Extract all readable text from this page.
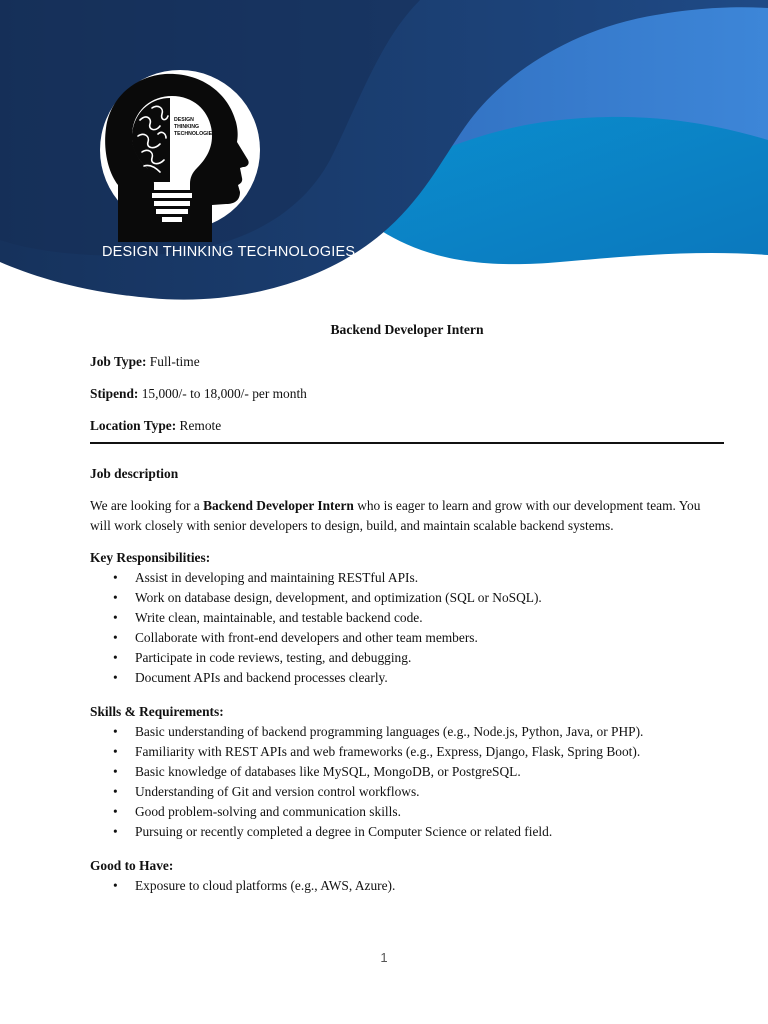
DESIGN
THINKING
TECHNOLOGIES

DESIGN THINKING TECHNOLOGIES

Backend Developer Intern

Job Type: Full-time

Stipend: 15,000/- to 18,000/- per month

Location Type: Remote

Job description

We are looking for a Backend Developer Intern who is eager to learn and grow with our development team. You will work closely with senior developers to design, build, and maintain scalable backend systems.

Key Responsibilities:

• Assist in developing and maintaining RESTful APIs.
• Work on database design, development, and optimization (SQL or NoSQL).
• Write clean, maintainable, and testable backend code.
• Collaborate with front-end developers and other team members.
• Participate in code reviews, testing, and debugging.
• Document APIs and backend processes clearly.

Skills & Requirements:

• Basic understanding of backend programming languages (e.g., Node.js, Python, Java, or PHP).
• Familiarity with REST APIs and web frameworks (e.g., Express, Django, Flask, Spring Boot).
• Basic knowledge of databases like MySQL, MongoDB, or PostgreSQL.
• Understanding of Git and version control workflows.
• Good problem-solving and communication skills.
• Pursuing or recently completed a degree in Computer Science or related field.

Good to Have:

• Exposure to cloud platforms (e.g., AWS, Azure).
1
